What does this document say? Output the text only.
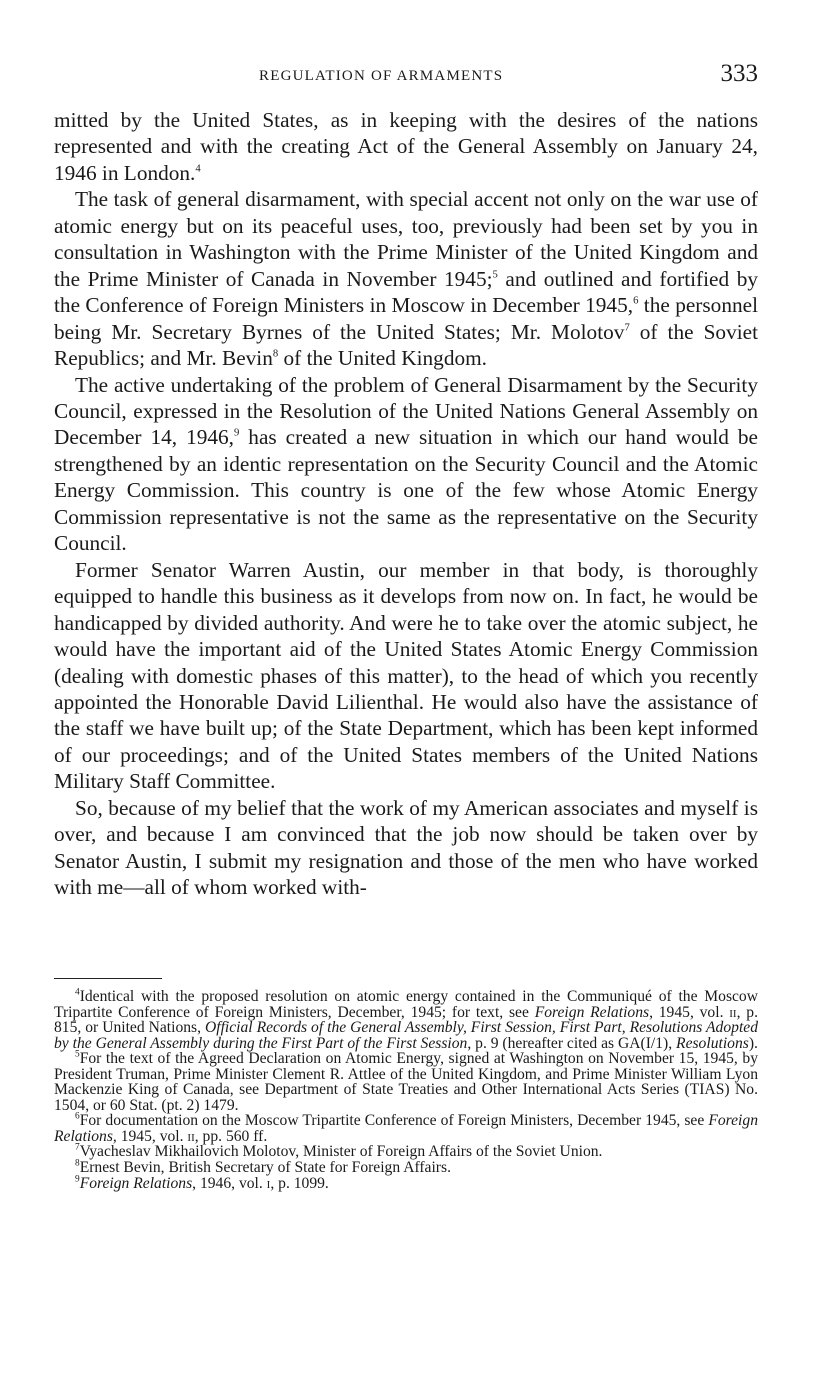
REGULATION OF ARMAMENTS	333

mitted by the United States, as in keeping with the desires of the nations represented and with the creating Act of the General Assembly on January 24, 1946 in London.$^4$

The task of general disarmament, with special accent not only on the war use of atomic energy but on its peaceful uses, too, previously had been set by you in consultation in Washington with the Prime Minister of the United Kingdom and the Prime Minister of Canada in November 1945;$^5$ and outlined and fortified by the Conference of Foreign Ministers in Moscow in December 1945,$^6$ the personnel being Mr. Secretary Byrnes of the United States; Mr. Molotov$^7$ of the Soviet Republics; and Mr. Bevin$^8$ of the United Kingdom.

The active undertaking of the problem of General Disarmament by the Security Council, expressed in the Resolution of the United Nations General Assembly on December 14, 1946,$^9$ has created a new situation in which our hand would be strengthened by an identic representation on the Security Council and the Atomic Energy Commission. This country is one of the few whose Atomic Energy Commission representative is not the same as the representative on the Security Council.

Former Senator Warren Austin, our member in that body, is thoroughly equipped to handle this business as it develops from now on. In fact, he would be handicapped by divided authority. And were he to take over the atomic subject, he would have the important aid of the United States Atomic Energy Commission (dealing with domestic phases of this matter), to the head of which you recently appointed the Honorable David Lilienthal. He would also have the assistance of the staff we have built up; of the State Department, which has been kept informed of our proceedings; and of the United States members of the United Nations Military Staff Committee.

So, because of my belief that the work of my American associates and myself is over, and because I am convinced that the job now should be taken over by Senator Austin, I submit my resignation and those of the men who have worked with me—all of whom worked with-

$^4$Identical with the proposed resolution on atomic energy contained in the Communiqué of the Moscow Tripartite Conference of Foreign Ministers, December, 1945; for text, see Foreign Relations, 1945, vol. ii, p. 815, or United Nations, Official Records of the General Assembly, First Session, First Part, Resolutions Adopted by the General Assembly during the First Part of the First Session, p. 9 (hereafter cited as GA(I/1), Resolutions).

$^5$For the text of the Agreed Declaration on Atomic Energy, signed at Washington on November 15, 1945, by President Truman, Prime Minister Clement R. Attlee of the United Kingdom, and Prime Minister William Lyon Mackenzie King of Canada, see Department of State Treaties and Other International Acts Series (TIAS) No. 1504, or 60 Stat. (pt. 2) 1479.

$^6$For documentation on the Moscow Tripartite Conference of Foreign Ministers, December 1945, see Foreign Relations, 1945, vol. ii, pp. 560 ff.

$^7$Vyacheslav Mikhailovich Molotov, Minister of Foreign Affairs of the Soviet Union.

$^8$Ernest Bevin, British Secretary of State for Foreign Affairs.

$^9$Foreign Relations, 1946, vol. i, p. 1099.
